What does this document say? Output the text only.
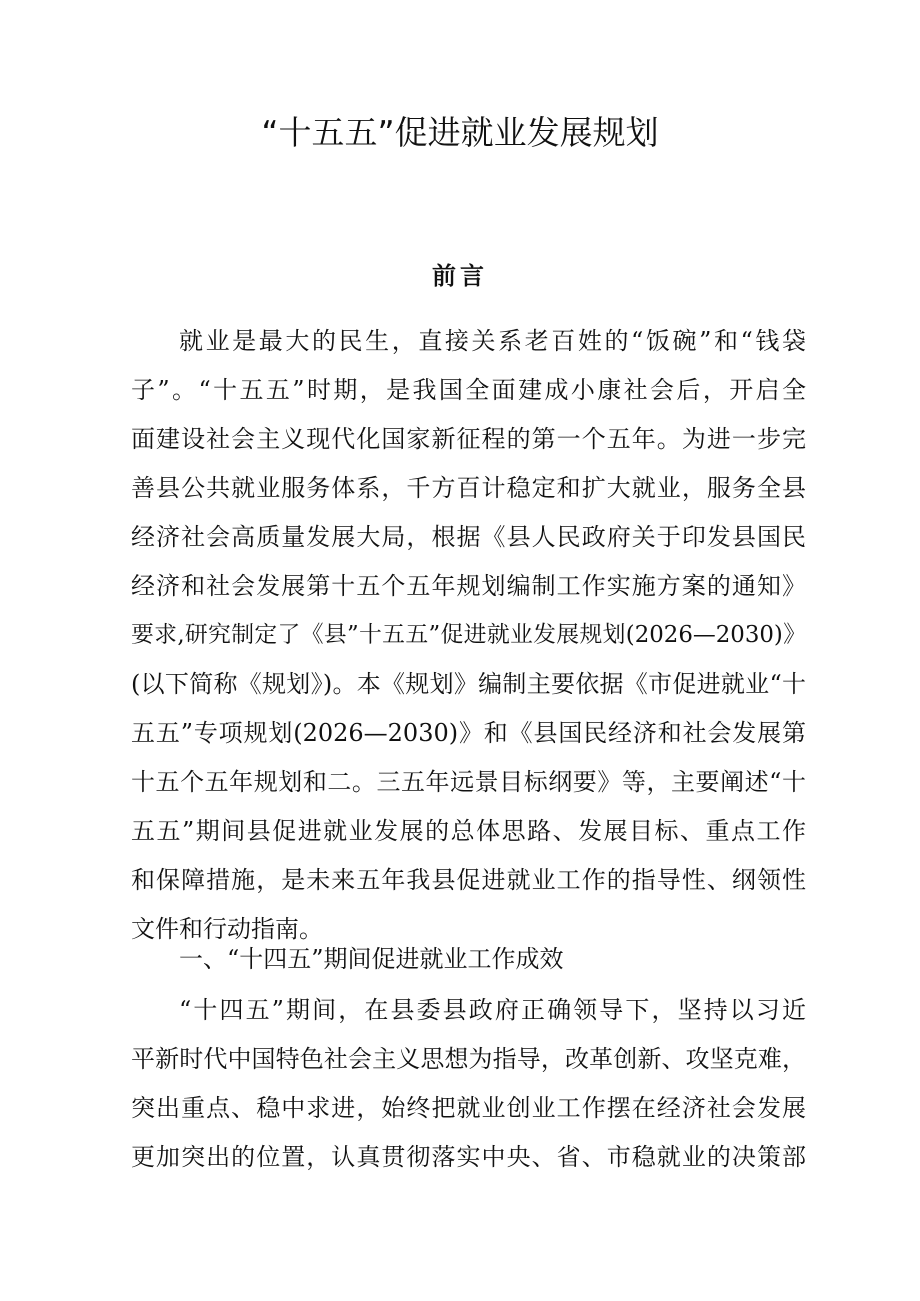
“十五五”促进就业发展规划
前言
就业是最大的民生，直接关系老百姓的“饭碗”和“钱袋
子”。“十五五”时期，是我国全面建成小康社会后，开启全
面建设社会主义现代化国家新征程的第一个五年。为进一步完
善县公共就业服务体系，千方百计稳定和扩大就业，服务全县
经济社会高质量发展大局，根据《县人民政府关于印发县国民
经济和社会发展第十五个五年规划编制工作实施方案的通知》
要求,研究制定了《县”十五五”促进就业发展规划(2026—2030)》
(以下简称《规划》)。本《规划》编制主要依据《市促进就业“十
五五”专项规划(2026—2030)》和《县国民经济和社会发展第
十五个五年规划和二。三五年远景目标纲要》等，主要阐述“十
五五”期间县促进就业发展的总体思路、发展目标、重点工作
和保障措施，是未来五年我县促进就业工作的指导性、纲领性
文件和行动指南。
一、“十四五”期间促进就业工作成效
“十四五”期间，在县委县政府正确领导下，坚持以习近
平新时代中国特色社会主义思想为指导，改革创新、攻坚克难，
突出重点、稳中求进，始终把就业创业工作摆在经济社会发展
更加突出的位置，认真贯彻落实中央、省、市稳就业的决策部
